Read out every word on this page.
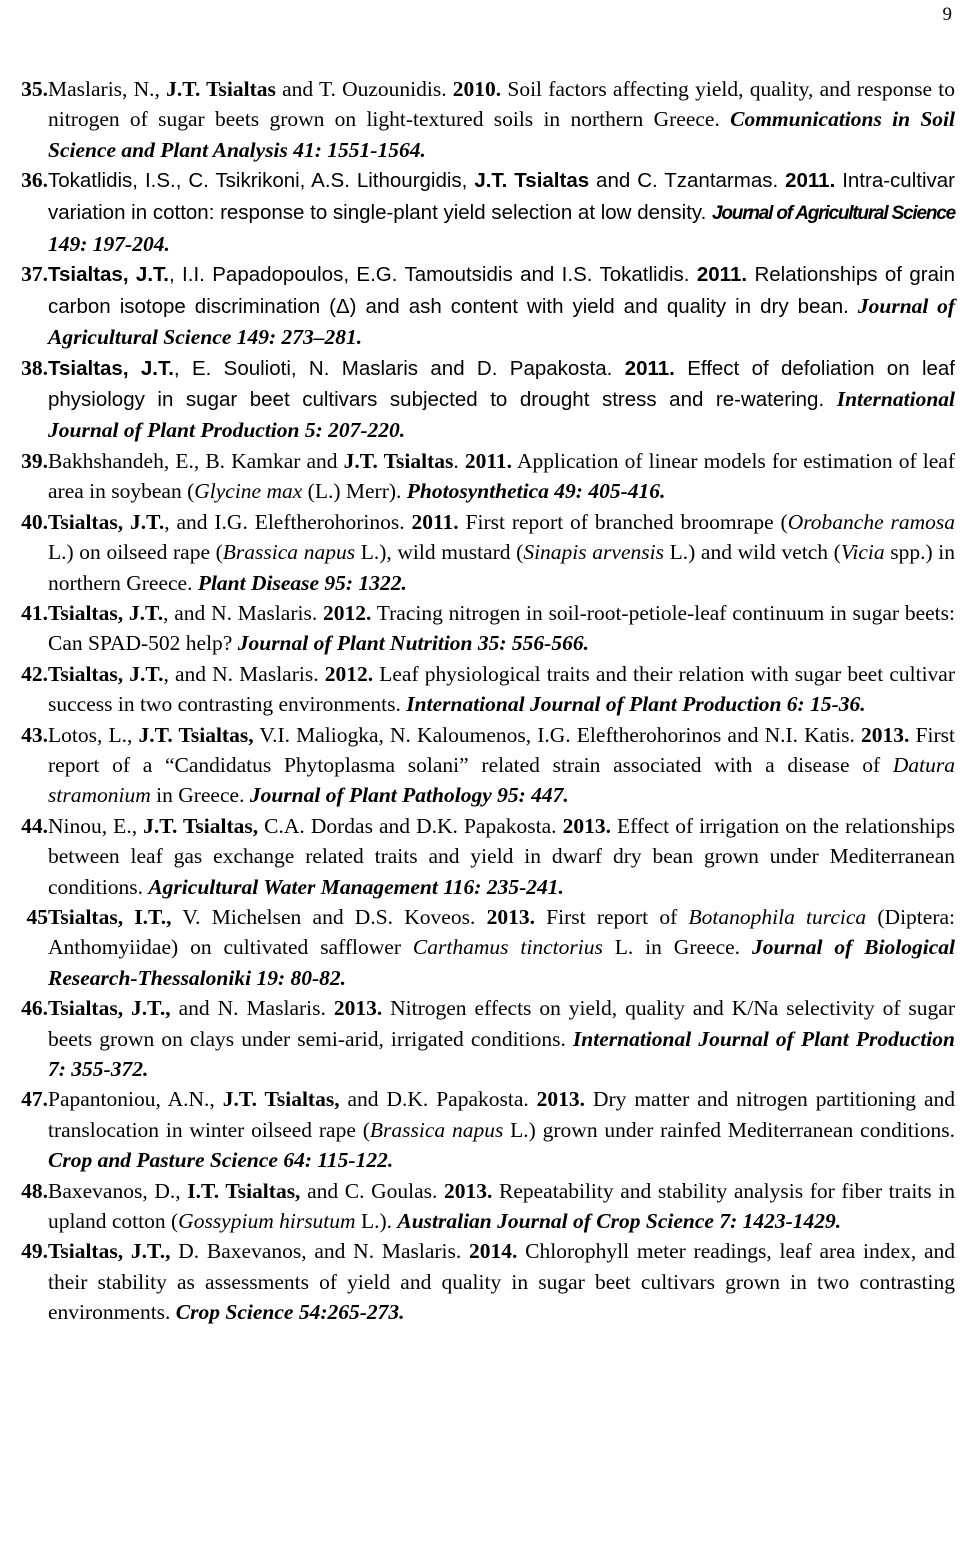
9
35. Maslaris, N., J.T. Tsialtas and T. Ouzounidis. 2010. Soil factors affecting yield, quality, and response to nitrogen of sugar beets grown on light-textured soils in northern Greece. Communications in Soil Science and Plant Analysis 41: 1551-1564.
36. Tokatlidis, I.S., C. Tsikrikoni, A.S. Lithourgidis, J.T. Tsialtas and C. Tzantarmas. 2011. Intra-cultivar variation in cotton: response to single-plant yield selection at low density. Journal of Agricultural Science 149: 197-204.
37. Tsialtas, J.T., I.I. Papadopoulos, E.G. Tamoutsidis and I.S. Tokatlidis. 2011. Relationships of grain carbon isotope discrimination (Δ) and ash content with yield and quality in dry bean. Journal of Agricultural Science 149: 273–281.
38. Tsialtas, J.T., E. Souliotі, N. Maslaris and D. Papakosta. 2011. Effect of defoliation on leaf physiology in sugar beet cultivars subjected to drought stress and re-watering. International Journal of Plant Production 5: 207-220.
39. Bakhshandeh, E., B. Kamkar and J.T. Tsialtas. 2011. Application of linear models for estimation of leaf area in soybean (Glycine max (L.) Merr). Photosynthetica 49: 405-416.
40. Tsialtas, J.T., and I.G. Eleftherohorinos. 2011. First report of branched broomrape (Orobanche ramosa L.) on oilseed rape (Brassica napus L.), wild mustard (Sinapis arvensis L.) and wild vetch (Vicia spp.) in northern Greece. Plant Disease 95: 1322.
41. Tsialtas, J.T., and N. Maslaris. 2012. Tracing nitrogen in soil-root-petiole-leaf continuum in sugar beets: Can SPAD-502 help? Journal of Plant Nutrition 35: 556-566.
42. Tsialtas, J.T., and N. Maslaris. 2012. Leaf physiological traits and their relation with sugar beet cultivar success in two contrasting environments. International Journal of Plant Production 6: 15-36.
43. Lotos, L., J.T. Tsialtas, V.I. Maliogka, N. Kaloumenos, I.G. Eleftherohorinos and N.I. Katis. 2013. First report of a “Candidatus Phytoplasma solani” related strain associated with a disease of Datura stramonium in Greece. Journal of Plant Pathology 95: 447.
44. Ninou, E., J.T. Tsialtas, C.A. Dordas and D.K. Papakosta. 2013. Effect of irrigation on the relationships between leaf gas exchange related traits and yield in dwarf dry bean grown under Mediterranean conditions. Agricultural Water Management 116: 235-241.
45 Tsialtas, I.T., V. Michelsen and D.S. Koveos. 2013. First report of Botanophila turcica (Diptera: Anthomyiidae) on cultivated safflower Carthamus tinctorius L. in Greece. Journal of Biological Research-Thessaloniki 19: 80-82.
46. Tsialtas, J.T., and N. Maslaris. 2013. Nitrogen effects on yield, quality and K/Na selectivity of sugar beets grown on clays under semi-arid, irrigated conditions. International Journal of Plant Production 7: 355-372.
47. Papantoniou, A.N., J.T. Tsialtas, and D.K. Papakosta. 2013. Dry matter and nitrogen partitioning and translocation in winter oilseed rape (Brassica napus L.) grown under rainfed Mediterranean conditions. Crop and Pasture Science 64: 115-122.
48. Baxevanos, D., I.T. Tsialtas, and C. Goulas. 2013. Repeatability and stability analysis for fiber traits in upland cotton (Gossypium hirsutum L.). Australian Journal of Crop Science 7: 1423-1429.
49. Tsialtas, J.T., D. Baxevanos, and N. Maslaris. 2014. Chlorophyll meter readings, leaf area index, and their stability as assessments of yield and quality in sugar beet cultivars grown in two contrasting environments. Crop Science 54:265-273.
